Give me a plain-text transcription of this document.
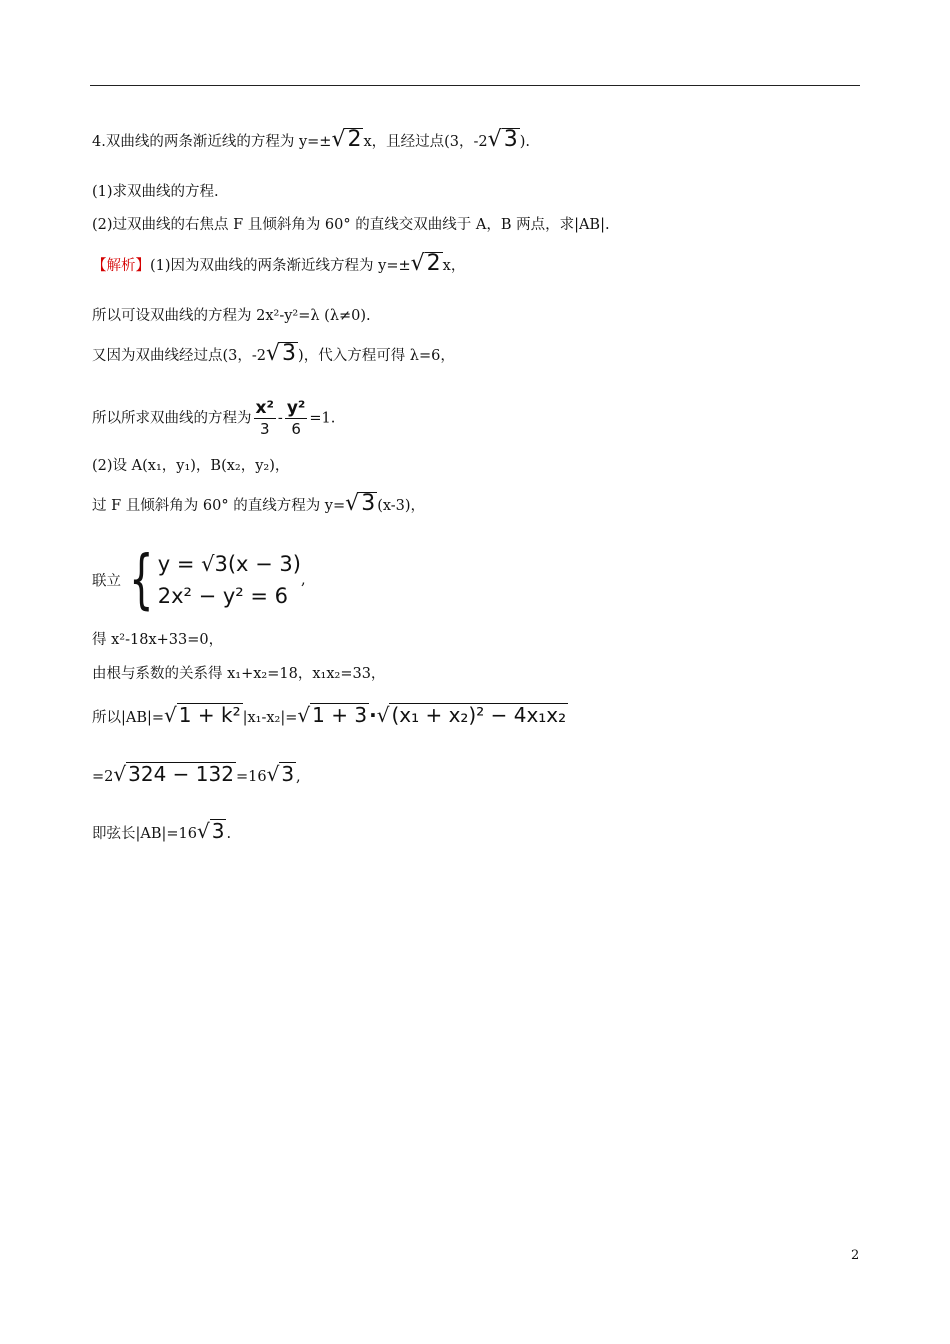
4.双曲线的两条渐近线的方程为 y=±√2 x，且经过点(3，-2√3 ).
(1)求双曲线的方程.
(2)过双曲线的右焦点 F 且倾斜角为 60° 的直线交双曲线于 A，B 两点，求|AB|.
【解析】(1)因为双曲线的两条渐近线方程为 y=±√2 x，
所以可设双曲线的方程为 2x²-y²=λ (λ≠0).
又因为双曲线经过点(3，-2√3 )，代入方程可得 λ=6，
所以所求双曲线的方程为 $\frac{\text{x²}}{3} - \frac{\text{y²}}{6} =1$.
(2)设 A(x₁，y₁)，B(x₂，y₂)，
过 F 且倾斜角为 60° 的直线方程为 y=√3 (x-3)，
联立 { y = √3(x − 3)
2x² − y² = 6
,
得 x²-18x+33=0，
由根与系数的关系得 x₁+x₂=18，x₁x₂=33，
所以|AB|=√ 1 + k² |x₁-x₂|=√ 1 + 3 ·√ (x₁ + x₂)² − 4x₁x₂
=2√ 324 − 132 =16√ 3 ,
即弦长|AB|=16√ 3 .
2
